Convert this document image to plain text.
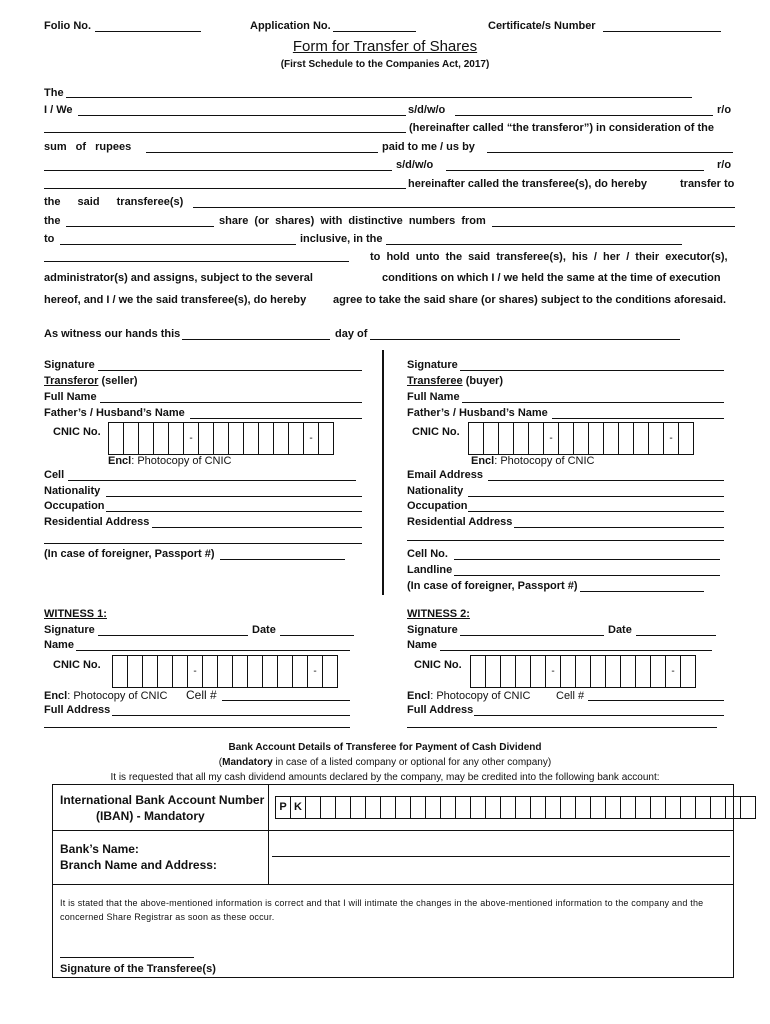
Folio No.	Application No.	Certificate/s Number
Form for Transfer of Shares
(First Schedule to the Companies Act, 2017)
The
I / We	s/d/w/o	r/o
(hereinafter called “the transferor”) in consideration of the
sum of rupees	paid to me / us by
s/d/w/o	r/o
hereinafter called the transferee(s), do hereby	transfer to
the said transferee(s)
the	share (or shares) with distinctive numbers from
to	inclusive, in the
to hold unto the said transferee(s), his / her / their executor(s),
administrator(s) and assigns, subject to the several	conditions on which I / we held the same at the time of execution
hereof, and I / we the said transferee(s), do hereby agree to take the said share (or shares) subject to the conditions aforesaid.
As witness our hands this	day of
Signature
Transferor (seller)
Full Name
Father’s / Husband’s Name
CNIC No.
-	-
Encl: Photocopy of CNIC
Cell
Nationality
Occupation
Residential Address
(In case of foreigner, Passport #)
Signature
Transferee (buyer)
Full Name
Father’s / Husband’s Name
CNIC No.
-	-
Encl: Photocopy of CNIC
Email Address
Nationality
Occupation
Residential Address
Cell No.
Landline
(In case of foreigner, Passport #)
WITNESS 1:
Signature	Date
Name
CNIC No.
-	-
Encl: Photocopy of CNIC Cell #
Full Address
WITNESS 2:
Signature	Date
Name
CNIC No.
-	-
Encl: Photocopy of CNIC Cell #
Full Address
Bank Account Details of Transferee for Payment of Cash Dividend
(Mandatory in case of a listed company or optional for any other company)
It is requested that all my cash dividend amounts declared by the company, may be credited into the following bank account:
International Bank Account Number
(IBAN) - Mandatory
P K
Bank’s Name:
Branch Name and Address:
It is stated that the above-mentioned information is correct and that I will intimate the changes in the above-mentioned information to the company and the concerned Share Registrar as soon as these occur.
Signature of the Transferee(s)
